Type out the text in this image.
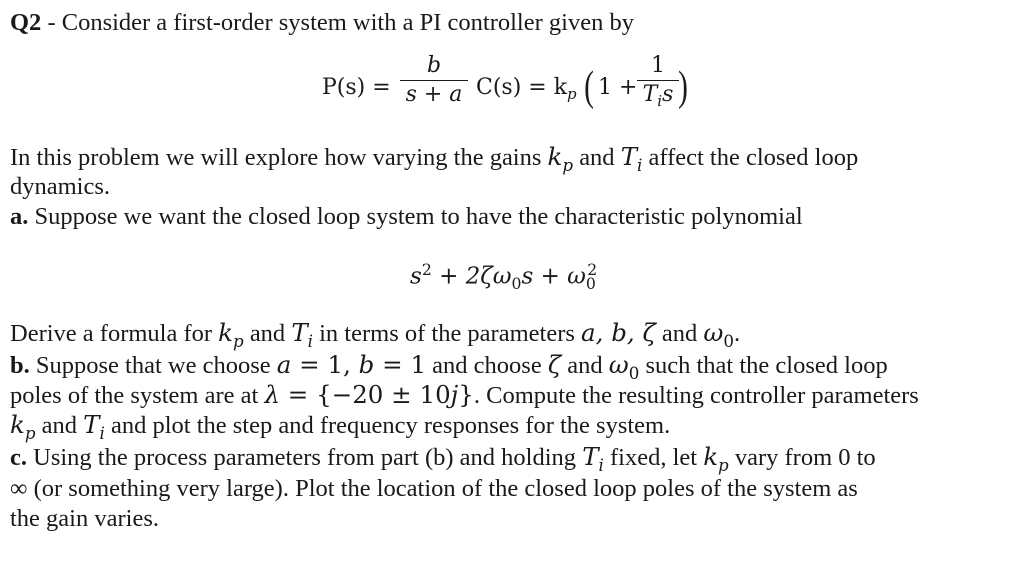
Q2 - Consider a first-order system with a PI controller given by
P(s) =
b
s + a $C(s) = k_p$ ( 1 +
1
$T_is$ )
In this problem we will explore how varying the gains $k_p$ and $T_i$ affect the closed loop
dynamics.
a. Suppose we want the closed loop system to have the characteristic polynomial
$s^2 + 2\zeta\omega_0s + \omega_0^2$
Derive a formula for $k_p$ and $T_i$ in terms of the parameters a, b, ζ and $\omega_0$.
b. Suppose that we choose a = 1, b = 1 and choose ζ and $\omega_0$ such that the closed loop
poles of the system are at λ = {−20 ± 10j}. Compute the resulting controller parameters
$k_p$ and $T_i$ and plot the step and frequency responses for the system.
c. Using the process parameters from part (b) and holding $T_i$ fixed, let $k_p$ vary from 0 to
∞ (or something very large). Plot the location of the closed loop poles of the system as
the gain varies.
